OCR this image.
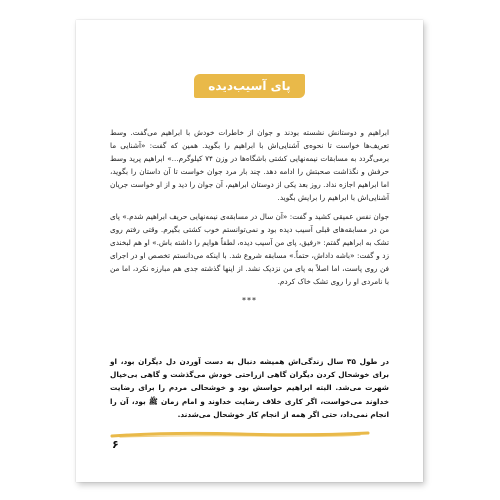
پای آسیب‌دیده

ابراهیم و دوستانش نشسته بودند و جوان از خاطرات خودش با ابراهیم می‌گفت. وسط تعریف‌ها خواست تا نحوه‌ی آشنایی‌اش با ابراهیم را بگوید. همین که گفت: «آشنایی ما برمی‌گردد به مسابقات نیمه‌نهایی کشتی باشگاه‌ها در وزن ۷۴ کیلوگرم...» ابراهیم پرید وسط حرفش و نگذاشت صحبتش را ادامه دهد. چند بار مرد جوان خواست تا آن داستان را بگوید، اما ابراهیم اجازه نداد. روز بعد یکی از دوستان ابراهیم، آن جوان را دید و از او خواست جریان آشنایی‌اش با ابراهیم را برایش بگوید.

جوان نفس عمیقی کشید و گفت: «آن سال در مسابقه‌ی نیمه‌نهایی حریف ابراهیم شدم.» پای من در مسابقه‌های قبلی آسیب دیده بود و نمی‌توانستم خوب کشتی بگیرم. وقتی رفتم روی تشک به ابراهیم گفتم: «رفیق، پای من آسیب دیده، لطفاً هوایم را داشته باش.» او هم لبخندی زد و گفت: «باشه داداش، حتماً.» مسابقه شروع شد. با اینکه می‌دانستم تخصص او در اجرای فن روی پاست، اما اصلاً به پای من نزدیک نشد. از اینها گذشته جدی هم مبارزه نکرد، اما من با نامردی او را روی تشک خاک کردم.

***
در طول ۳۵ سال زندگی‌اش همیشه دنبال به دست آوردن دل دیگران بود، او برای خوشحال کردن دیگران گاهی ازراحتی خودش می‌گذشت و گاهی بی‌خیال شهرت می‌شد. البته ابراهیم حواسش بود و خوشحالی مردم را برای رضایت خداوند می‌خواست، اگر کاری خلاف رضایت خداوند و امام زمان ﷺ بود، آن را انجام نمی‌داد، حتی اگر همه از انجام کار خوشحال می‌شدند.
۶
